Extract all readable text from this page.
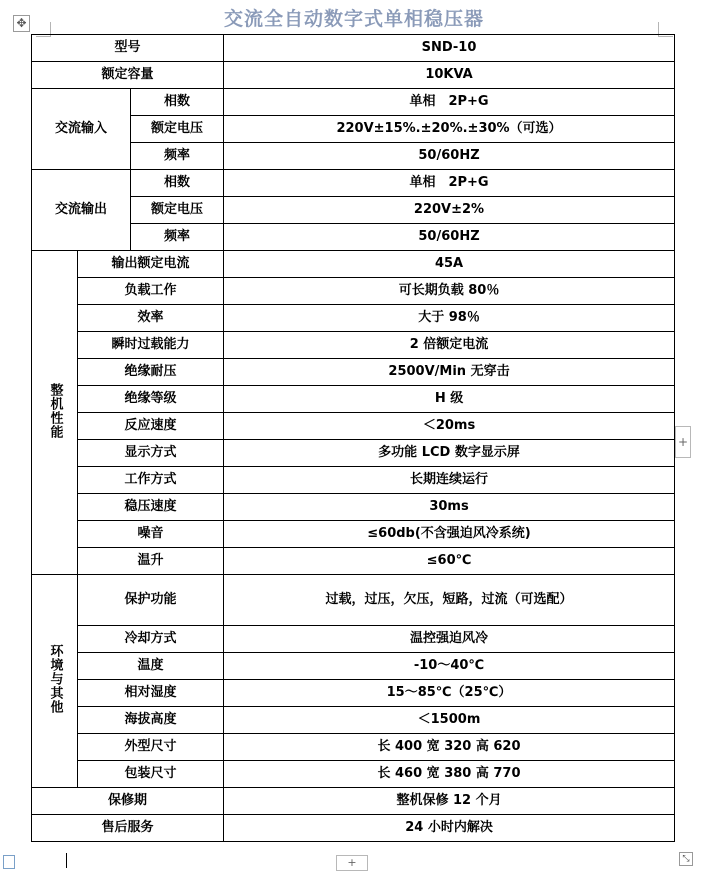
交流全自动数字式单相稳压器
✥
型号			SND-10
额定容量			10KVA
交流输入		相数	单相　2P+G
		额定电压	220V±15%.±20%.±30%（可选）
		频率	50/60HZ
交流输出		相数	单相　2P+G
		额定电压	220V±2%
		频率	50/60HZ
整机性能	输出额定电流		45A
	负载工作		可长期负载 80％
	效率		大于 98％
	瞬时过载能力		2 倍额定电流
	绝缘耐压		2500V/Min 无穿击
	绝缘等级		H 级
	反应速度		＜20ms
	显示方式		多功能 LCD 数字显示屏
	工作方式		长期连续运行
	稳压速度		30ms
	噪音		≤60db(不含强迫风冷系统)
	温升		≤60℃
环境与其他	保护功能		过载，过压，欠压，短路，过流（可选配）
	冷却方式		温控强迫风冷
	温度		-10～40℃
	相对湿度		15～85℃（25℃）
	海拔高度		＜1500m
	外型尺寸		长 400 宽 320 高 620
	包装尺寸		长 460 宽 380 高 770
保修期			整机保修 12 个月
售后服务			24 小时内解决
+
+	⤡
